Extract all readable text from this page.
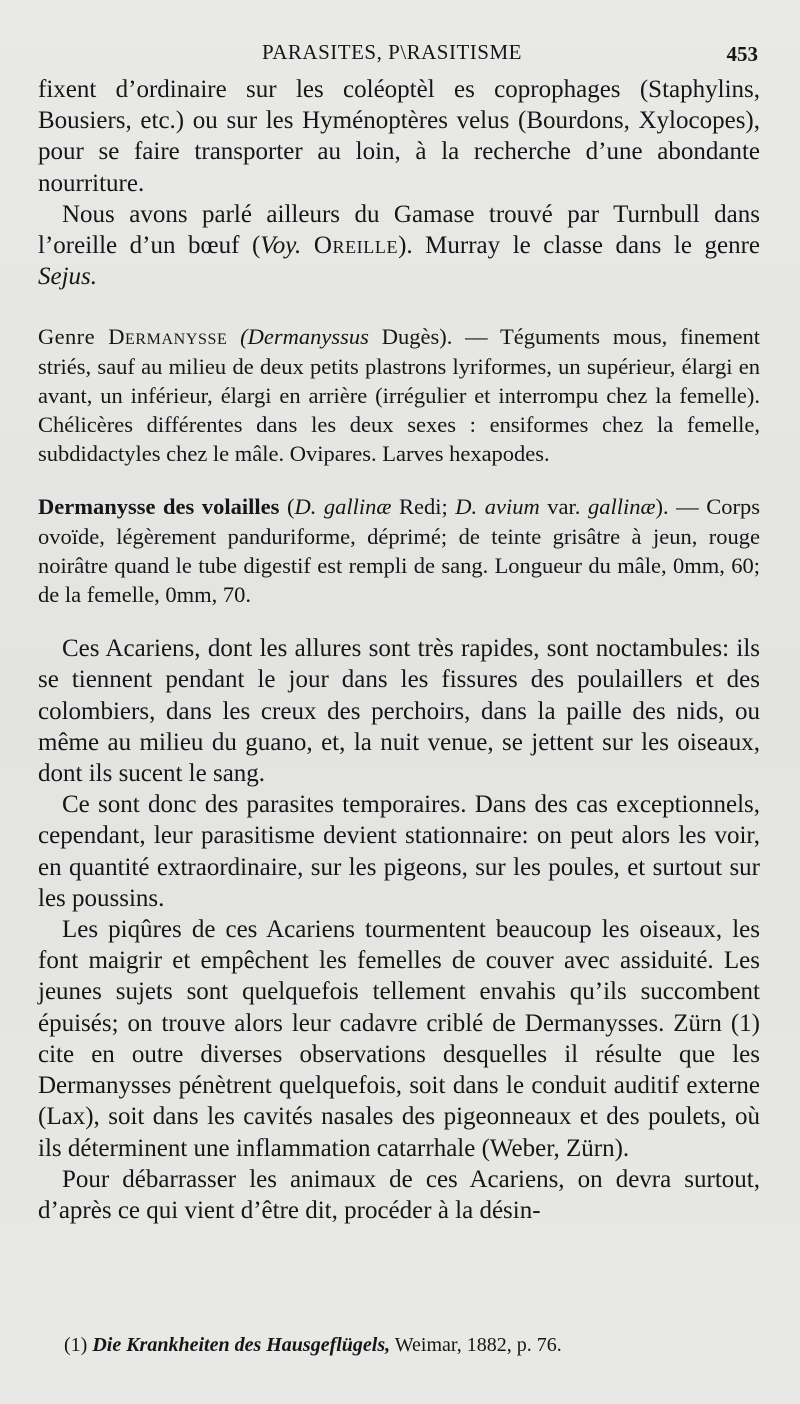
PARASITES, P\RASITISME	453

fixent d’ordinaire sur les coléoptèl es coprophages (Staphylins, Bousiers, etc.) ou sur les Hyménoptères velus (Bourdons, Xylocopes), pour se faire transporter au loin, à la recherche d’une abondante nourriture.

Nous avons parlé ailleurs du Gamase trouvé par Turnbull dans l’oreille d’un bœuf (Voy. Oreille). Murray le classe dans le genre Sejus.

Genre Dermanysse (Dermanyssus Dugès). — Téguments mous, finement striés, sauf au milieu de deux petits plastrons lyriformes, un supérieur, élargi en avant, un inférieur, élargi en arrière (irrégulier et interrompu chez la femelle). Chélicères différentes dans les deux sexes : ensiformes chez la femelle, subdidactyles chez le mâle. Ovipares. Larves hexapodes.

Dermanysse des volailles (D. gallinæ Redi; D. avium var. gallinæ). — Corps ovoïde, légèrement panduriforme, déprimé; de teinte grisâtre à jeun, rouge noirâtre quand le tube digestif est rempli de sang. Longueur du mâle, 0mm, 60; de la femelle, 0mm, 70.

Ces Acariens, dont les allures sont très rapides, sont noctambules: ils se tiennent pendant le jour dans les fissures des poulaillers et des colombiers, dans les creux des perchoirs, dans la paille des nids, ou même au milieu du guano, et, la nuit venue, se jettent sur les oiseaux, dont ils sucent le sang.

Ce sont donc des parasites temporaires. Dans des cas exceptionnels, cependant, leur parasitisme devient stationnaire: on peut alors les voir, en quantité extraordinaire, sur les pigeons, sur les poules, et surtout sur les poussins.

Les piqûres de ces Acariens tourmentent beaucoup les oiseaux, les font maigrir et empêchent les femelles de couver avec assiduité. Les jeunes sujets sont quelquefois tellement envahis qu’ils succombent épuisés; on trouve alors leur cadavre criblé de Dermanysses. Zürn (1) cite en outre diverses observations desquelles il résulte que les Dermanysses pénètrent quelquefois, soit dans le conduit auditif externe (Lax), soit dans les cavités nasales des pigeonneaux et des poulets, où ils déterminent une inflammation catarrhale (Weber, Zürn).

Pour débarrasser les animaux de ces Acariens, on devra surtout, d’après ce qui vient d’être dit, procéder à la désin-

(1) Die Krankheiten des Hausgeflügels, Weimar, 1882, p. 76.
